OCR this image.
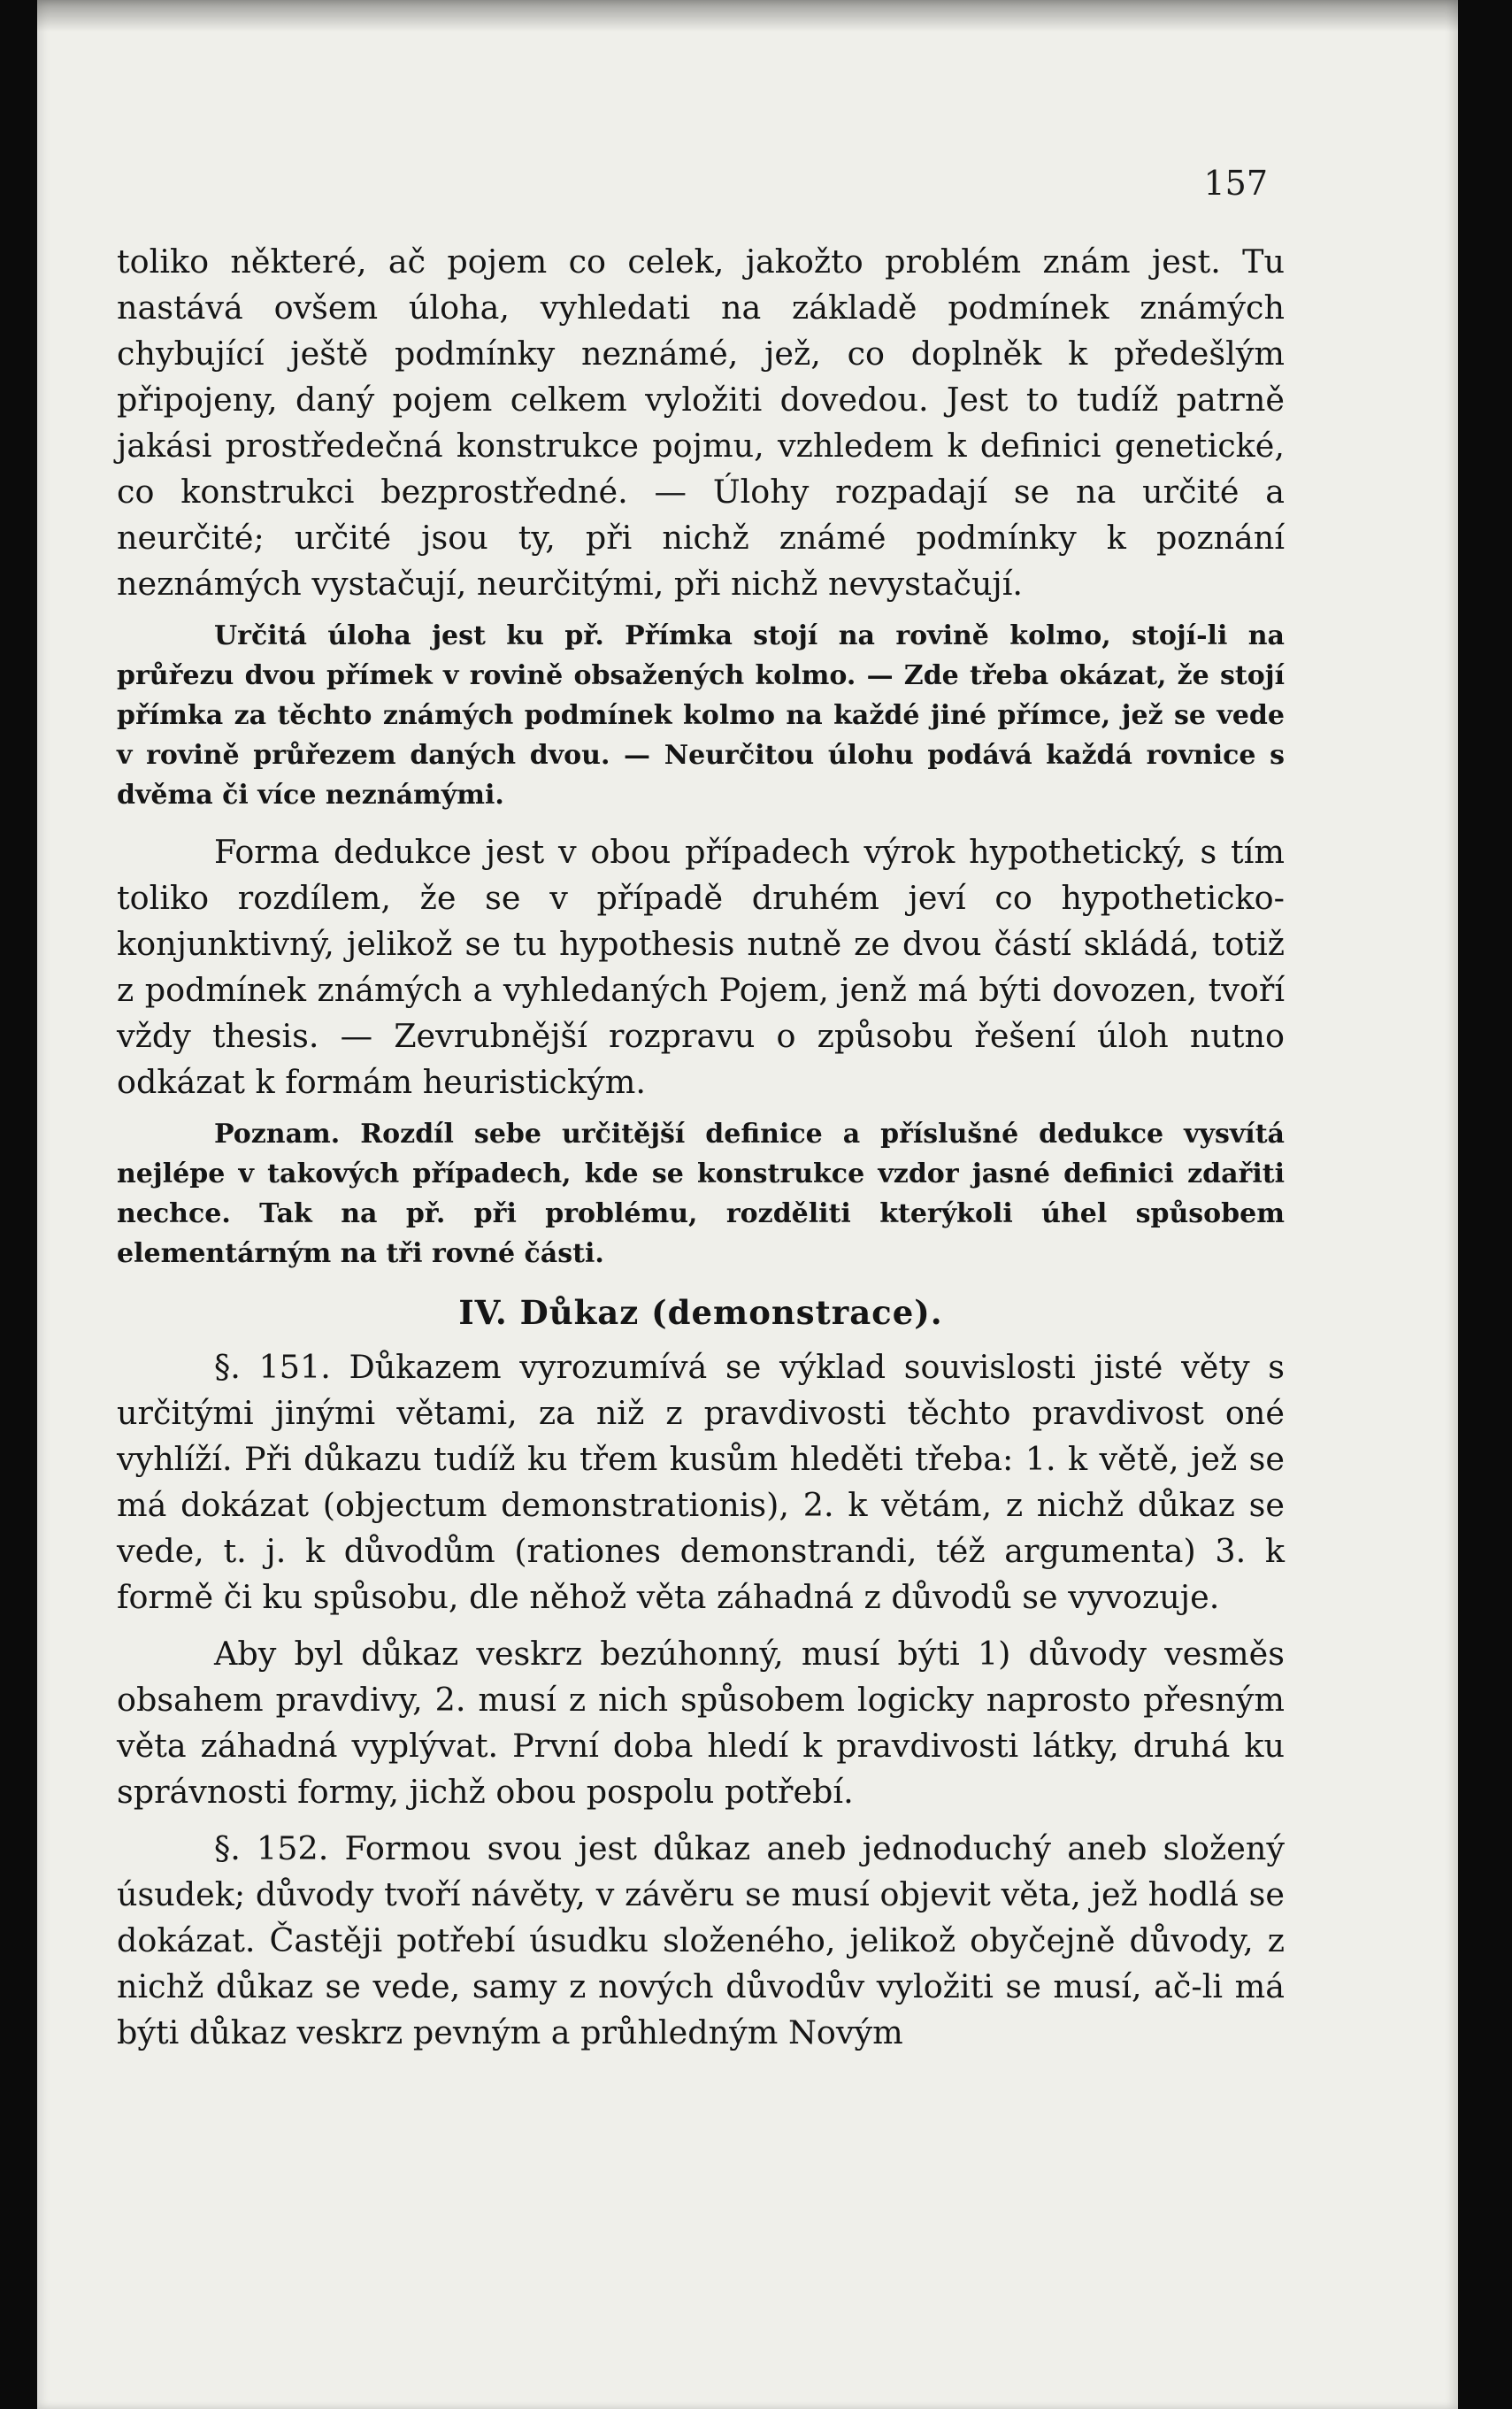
157

toliko některé, ač pojem co celek, jakožto problém znám jest. Tu nastává ovšem úloha, vyhledati na základě podmínek známých chybující ještě podmínky neznámé, jež, co doplněk k předešlým připojeny, daný pojem celkem vyložiti dovedou. Jest to tudíž patrně jakási prostředečná konstrukce pojmu, vzhledem k definici genetické, co konstrukci bezprostředné. — Úlohy rozpadají se na určité a neurčité; určité jsou ty, při nichž známé podmínky k poznání neznámých vystačují, neurčitými, při nichž nevystačují.

Určitá úloha jest ku př. Přímka stojí na rovině kolmo, stojí-li na průřezu dvou přímek v rovině obsažených kolmo. — Zde třeba okázat, že stojí přímka za těchto známých podmínek kolmo na každé jiné přímce, jež se vede v rovině průřezem daných dvou. — Neurčitou úlohu podává každá rovnice s dvěma či více neznámými.

Forma dedukce jest v obou případech výrok hypothetický, s tím toliko rozdílem, že se v případě druhém jeví co hypotheticko-konjunktivný, jelikož se tu hypothesis nutně ze dvou částí skládá, totiž z podmínek známých a vyhledaných Pojem, jenž má býti dovozen, tvoří vždy thesis. — Zevrubnější rozpravu o způsobu řešení úloh nutno odkázat k formám heuristickým.

Poznam. Rozdíl sebe určitější definice a příslušné dedukce vysvítá nejlépe v takových případech, kde se konstrukce vzdor jasné definici zdařiti nechce. Tak na př. při problému, rozděliti kterýkoli úhel spůsobem elementárným na tři rovné části.

IV. Důkaz (demonstrace).

§. 151. Důkazem vyrozumívá se výklad souvislosti jisté věty s určitými jinými větami, za niž z pravdivosti těchto pravdivost oné vyhlíží. Při důkazu tudíž ku třem kusům hleděti třeba: 1. k větě, jež se má dokázat (objectum demonstrationis), 2. k větám, z nichž důkaz se vede, t. j. k důvodům (rationes demonstrandi, též argumenta) 3. k formě či ku spůsobu, dle něhož věta záhadná z důvodů se vyvozuje.

Aby byl důkaz veskrz bezúhonný, musí býti 1) důvody vesměs obsahem pravdivy, 2. musí z nich spůsobem logicky naprosto přesným věta záhadná vyplývat. První doba hledí k pravdivosti látky, druhá ku správnosti formy, jichž obou pospolu potřebí.

§. 152. Formou svou jest důkaz aneb jednoduchý aneb složený úsudek; důvody tvoří návěty, v závěru se musí objevit věta, jež hodlá se dokázat. Častěji potřebí úsudku složeného, jelikož obyčejně důvody, z nichž důkaz se vede, samy z nových důvodův vyložiti se musí, ač-li má býti důkaz veskrz pevným a průhledným Novým
